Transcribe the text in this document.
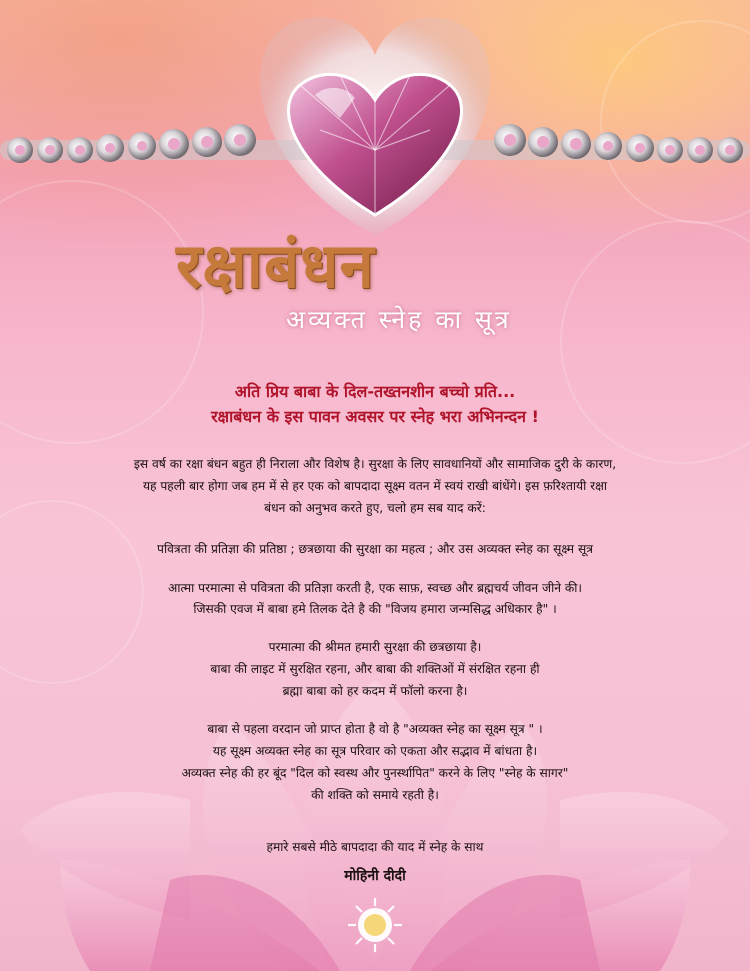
रक्षाबंधन
अव्यक्त स्नेह का सूत्र
अति प्रिय बाबा के दिल-तख्तनशीन बच्चो प्रति...
रक्षाबंधन के इस पावन अवसर पर स्नेह भरा अभिनन्दन !
इस वर्ष का रक्षा बंधन बहुत ही निराला और विशेष है। सुरक्षा के लिए सावधानियों और सामाजिक दुरी के कारण,
यह पहली बार होगा जब हम में से हर एक को बापदादा सूक्ष्म वतन में स्वयं राखी बांधेंगे। इस फ़रिश्तायी रक्षा
बंधन को अनुभव करते हुए, चलो हम सब याद करें:
पवित्रता की प्रतिज्ञा की प्रतिष्ठा ; छत्रछाया की सुरक्षा का महत्व ; और उस अव्यक्त स्नेह का सूक्ष्म सूत्र
आत्मा परमात्मा से पवित्रता की प्रतिज्ञा करती है, एक साफ़, स्वच्छ और ब्रह्मचर्य जीवन जीने की।
जिसकी एवज में बाबा हमे तिलक देते है की "विजय हमारा जन्मसिद्ध अधिकार है" ।
परमात्मा की श्रीमत हमारी सुरक्षा की छत्रछाया है।
बाबा की लाइट में सुरक्षित रहना, और बाबा की शक्तिओं में संरक्षित रहना ही
ब्रह्मा बाबा को हर कदम में फॉलो करना है।
बाबा से पहला वरदान जो प्राप्त होता है वो है "अव्यक्त स्नेह का सूक्ष्म सूत्र " ।
यह सूक्ष्म अव्यक्त स्नेह का सूत्र परिवार को एकता और सद्भाव में बांधता है।
अव्यक्त स्नेह की हर बूंद "दिल को स्वस्थ और पुनर्स्थापित" करने के लिए "स्नेह के सागर"
की शक्ति को समाये रहती है।
हमारे सबसे मीठे बापदादा की याद में स्नेह के साथ
मोहिनी दीदी
